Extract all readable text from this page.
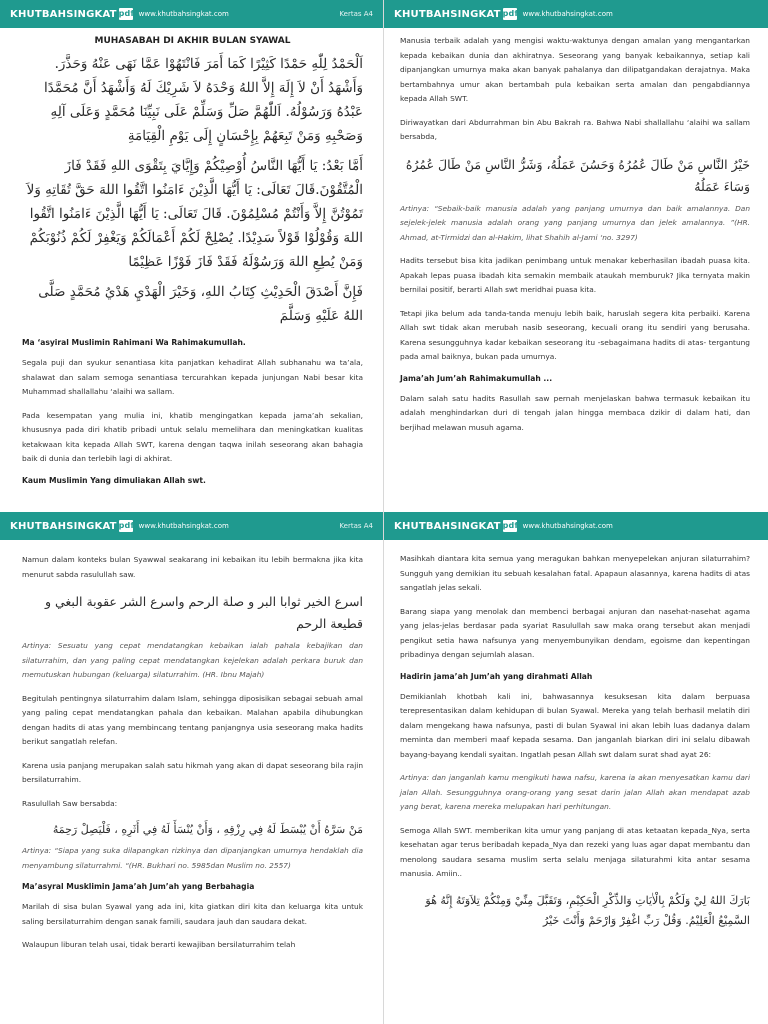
KHUTBAHSINGKAT pdf www.khutbahsingkat.com	Kertas A4
MUHASABAH DI AKHIR BULAN SYAWAL

اَلْحَمْدُ لِلّٰهِ حَمْدًا كَثِيْرًا كَمَا أَمَرَ فَانْتَهُوْا عَمَّا نَهَى عَنْهُ وَحَذَّرَ. وَأَشْهَدُ أَنْ لاَ إِلَهَ إِلاَّ اللهُ وَحْدَهُ لاَ شَرِيْكَ لَهُ وَأَشْهَدُ أَنَّ مُحَمَّدًا عَبْدُهُ وَرَسُوْلُهُ. اَللّٰهُمَّ صَلِّ وَسَلِّمْ عَلَى نَبِيِّنَا مُحَمَّدٍ وَعَلَى آلِهِ وَصَحْبِهِ وَمَنْ تَبِعَهُمْ بِإِحْسَانٍ إِلَى يَوْمِ الْقِيَامَةِ

أَمَّا بَعْدُ: يَا أَيُّهَا النَّاسُ أُوْصِيْكُمْ وَإِيَّايَ بِتَقْوَى اللهِ فَقَدْ فَازَ الْمُتَّقُوْنَ.قَالَ تَعَالَى: يَا أَيُّهَا الَّذِيْنَ ءَامَنُوا اتَّقُوا اللهَ حَقَّ تُقَاتِهِ وَلاَ تَمُوْتُنَّ إِلاَّ وَأَنْتُمْ مُسْلِمُوْنَ. قَالَ تَعَالَى: يَا أَيُّهَا الَّذِيْنَ ءَامَنُوا اتَّقُوا اللهَ وَقُوْلُوْا قَوْلاً سَدِيْدًا. يُصْلِحْ لَكُمْ أَعْمَالَكُمْ وَيَغْفِرْ لَكُمْ ذُنُوْبَكُمْ وَمَنْ يُطِعِ اللهَ وَرَسُوْلَهُ فَقَدْ فَازَ فَوْزًا عَظِيْمًا

فَإِنَّ أَصْدَقَ الْحَدِيْثِ كِتَابُ اللهِ، وَخَيْرَ الْهَدْيِ هَدْيُ مُحَمَّدٍ صَلَّى اللهُ عَلَيْهِ وَسَلَّمَ

Ma ‘asyiral Muslimin Rahimani Wa Rahimakumullah.

Segala puji dan syukur senantiasa kita panjatkan kehadirat Allah subhanahu wa ta’ala, shalawat dan salam semoga senantiasa tercurahkan kepada junjungan Nabi besar kita Muhammad shallallahu ‘alaihi wa sallam.

Pada kesempatan yang mulia ini, khatib mengingatkan kepada jama’ah sekalian, khususnya pada diri khatib pribadi untuk selalu memelihara dan meningkatkan kualitas ketakwaan kita kepada Allah SWT, karena dengan taqwa inilah seseorang akan bahagia baik di dunia dan terlebih lagi di akhirat.

Kaum Muslimin Yang dimuliakan Allah swt.

KHUTBAHSINGKAT pdf www.khutbahsingkat.com

Manusia terbaik adalah yang mengisi waktu-waktunya dengan amalan yang mengantarkan kepada kebaikan dunia dan akhiratnya. Seseorang yang banyak kebaikannya, setiap kali dipanjangkan umurnya maka akan banyak pahalanya dan dilipatgandakan derajatnya. Maka bertambahnya umur akan bertambah pula kebaikan serta amalan dan pengabdiannya kepada Allah SWT.

Diriwayatkan dari Abdurrahman bin Abu Bakrah ra. Bahwa Nabi shallallahu ‘alaihi wa sallam bersabda,

خَيْرُ النَّاسِ مَنْ طَالَ عُمُرُهُ وَحَسُنَ عَمَلُهُ، وَشَرُّ النَّاسِ مَنْ طَالَ عُمُرُهُ وَسَاءَ عَمَلُهُ

Artinya: “Sebaik-baik manusia adalah yang panjang umurnya dan baik amalannya. Dan sejelek-jelek manusia adalah orang yang panjang umurnya dan jelek amalannya. ”(HR. Ahmad, at-Tirmidzi dan al-Hakim, lihat Shahih al-Jami ‘no. 3297)

Hadits tersebut bisa kita jadikan penimbang untuk menakar keberhasilan ibadah puasa kita. Apakah lepas puasa ibadah kita semakin membaik ataukah memburuk? Jika ternyata makin bernilai positif, berarti Allah swt meridhai puasa kita.

Tetapi jika belum ada tanda-tanda menuju lebih baik, haruslah segera kita perbaiki. Karena Allah swt tidak akan merubah nasib seseorang, kecuali orang itu sendiri yang berusaha. Karena sesungguhnya kadar kebaikan seseorang itu -sebagaimana hadits di atas- tergantung pada amal baiknya, bukan pada umurnya.

Jama’ah Jum’ah Rahimakumullah ...

Dalam salah satu hadits Rasullah saw pernah menjelaskan bahwa termasuk kebaikan itu adalah menghindarkan duri di tengah jalan hingga membaca dzikir di dalam hati, dan berjihad melawan musuh agama.

KHUTBAHSINGKAT pdf www.khutbahsingkat.com	Kertas A4

Namun dalam konteks bulan Syawwal seakarang ini kebaikan itu lebih bermakna jika kita menurut sabda rasulullah saw.

اسرع الخير ثوابا البر و صلة الرحم واسرع الشر عقوبة البغي و قطيعة الرحم

Artinya: Sesuatu yang cepat mendatangkan kebaikan ialah pahala kebajikan dan silaturrahim, dan yang paling cepat mendatangkan kejelekan adalah perkara buruk dan memutuskan hubungan (keluarga) silaturrahim. (HR. Ibnu Majah)

Begitulah pentingnya silaturrahim dalam Islam, sehingga diposisikan sebagai sebuah amal yang paling cepat mendatangkan pahala dan kebaikan. Malahan apabila dihubungkan dengan hadits di atas yang membincang tentang panjangnya usia seseorang maka hadits berikut sangatlah relefan.

Karena usia panjang merupakan salah satu hikmah yang akan di dapat seseorang bila rajin bersilaturrahim.

Rasulullah Saw bersabda:

مَنْ سَرَّهُ أَنْ يُبْسَطَ لَهُ فِي رِزْقِهِ ، وَأَنْ يُنْسَأَ لَهُ فِي أَثَرِهِ ، فَلْيَصِلْ رَحِمَهُ

Artinya: “Siapa yang suka dilapangkan rizkinya dan dipanjangkan umurnya hendaklah dia menyambung silaturrahmi. “(HR. Bukhari no. 5985dan Muslim no. 2557)

Ma’asyral Musklimin Jama’ah Jum’ah yang Berbahagia

Marilah di sisa bulan Syawal yang ada ini, kita giatkan diri kita dan keluarga kita untuk saling bersilaturrahim dengan sanak famili, saudara jauh dan saudara dekat.

Walaupun liburan telah usai, tidak berarti kewajiban bersilaturrahim telah

KHUTBAHSINGKAT pdf www.khutbahsingkat.com

Masihkah diantara kita semua yang meragukan bahkan menyepelekan anjuran silaturrahim? Sungguh yang demikian itu sebuah kesalahan fatal. Apapaun alasannya, karena hadits di atas sangatlah jelas sekali.

Barang siapa yang menolak dan membenci berbagai anjuran dan nasehat-nasehat agama yang jelas-jelas berdasar pada syariat Rasulullah saw maka orang tersebut akan menjadi pengikut setia hawa nafsunya yang menyembunyikan dendam, egoisme dan kepentingan pribadinya dengan sejumlah alasan.

Hadirin jama’ah Jum’ah yang dirahmati Allah

Demikianlah khotbah kali ini, bahwasannya kesuksesan kita dalam berpuasa terepresentasikan dalam kehidupan di bulan Syawal. Mereka yang telah berhasil melatih diri dalam mengekang hawa nafsunya, pasti di bulan Syawal ini akan lebih luas dadanya dalam meminta dan memberi maaf kepada sesama. Dan janganlah biarkan diri ini selalu dibawah bayang-bayang kendali syaitan. Ingatlah pesan Allah swt dalam surat shad ayat 26:

Artinya: dan janganlah kamu mengikuti hawa nafsu, karena ia akan menyesatkan kamu dari jalan Allah. Sesungguhnya orang-orang yang sesat darin jalan Allah akan mendapat azab yang berat, karena mereka melupakan hari perhitungan.

Semoga Allah SWT. memberikan kita umur yang panjang di atas ketaatan kepada_Nya, serta kesehatan agar terus beribadah kepada_Nya dan rezeki yang luas agar dapat membantu dan menolong saudara sesama muslim serta selalu menjaga silaturahmi kita antar sesama manusia. Amiin..

بَارَكَ اللهُ لِيْ وَلَكُمْ بِالْاٰيَاتِ وَالذِّكْرِ الْحَكِيْمِ، وَتَقَبَّلَ مِنِّيْ وَمِنْكُمْ تِلاَوَتَهُ إِنَّهُ هُوَ السَّمِيْعُ الْعَلِيْمُ. وَقُلْ رَبِّ اغْفِرْ وَارْحَمْ وَأَنْتَ خَيْرُ
